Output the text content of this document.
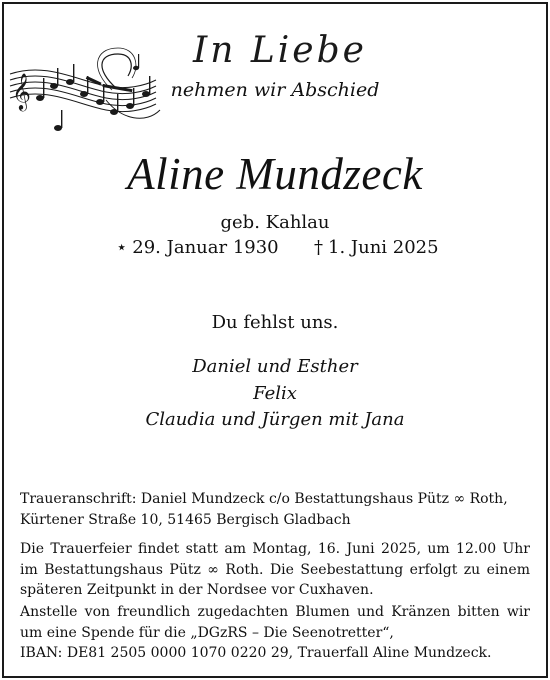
𝄞
In Liebe
nehmen wir Abschied
Aline Mundzeck
geb. Kahlau
⋆ 29. Januar 1930 † 1. Juni 2025
Du fehlst uns.
Daniel und Esther
Felix
Claudia und Jürgen mit Jana
Traueranschrift: Daniel Mundzeck c/o Bestattungshaus Pütz ∞ Roth,
Kürtener Straße 10, 51465 Bergisch Gladbach
Die Trauerfeier findet statt am Montag, 16. Juni 2025, um 12.00 Uhr
im Bestattungshaus Pütz ∞ Roth. Die Seebestattung erfolgt zu einem
späteren Zeitpunkt in der Nordsee vor Cuxhaven.
Anstelle von freundlich zugedachten Blumen und Kränzen bitten wir
um eine Spende für die „DGzRS – Die Seenotretter“,
IBAN: DE81 2505 0000 1070 0220 29, Trauerfall Aline Mundzeck.
